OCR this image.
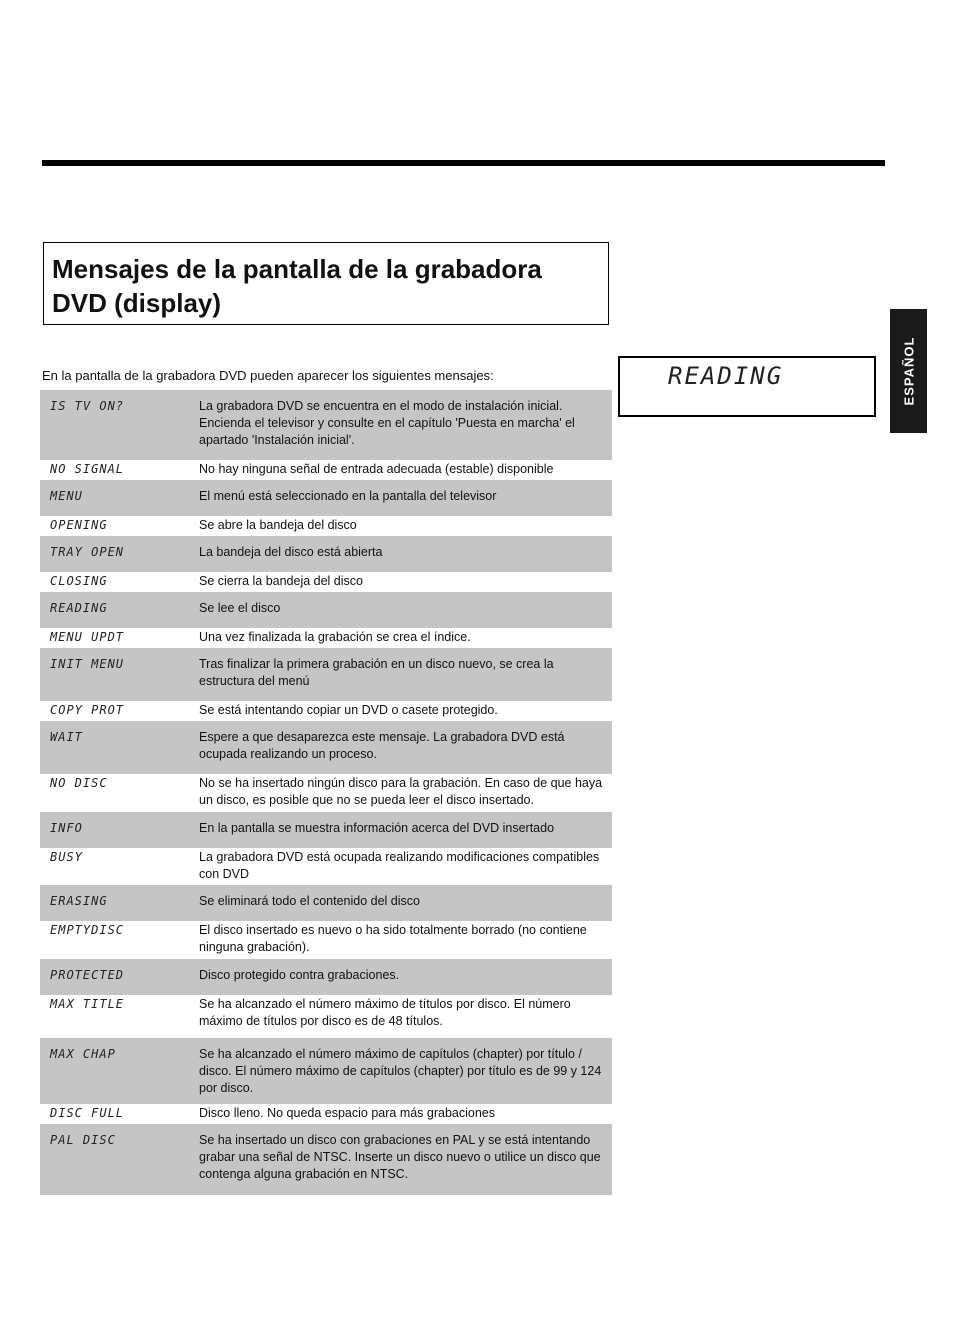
Mensajes de la pantalla de la grabadora DVD (display)
En la pantalla de la grabadora DVD pueden aparecer los siguientes mensajes:	READING	ESPAÑOL
IS TV ON?	La grabadora DVD se encuentra en el modo de instalación inicial. Encienda el televisor y consulte en el capítulo 'Puesta en marcha' el apartado 'Instalación inicial'.
NO SIGNAL	No hay ninguna señal de entrada adecuada (estable) disponible
MENU	El menú está seleccionado en la pantalla del televisor
OPENING	Se abre la bandeja del disco
TRAY OPEN	La bandeja del disco está abierta
CLOSING	Se cierra la bandeja del disco
READING	Se lee el disco
MENU UPDT	Una vez finalizada la grabación se crea el índice.
INIT MENU	Tras finalizar la primera grabación en un disco nuevo, se crea la estructura del menú
COPY PROT	Se está intentando copiar un DVD o casete protegido.
WAIT	Espere a que desaparezca este mensaje. La grabadora DVD está ocupada realizando un proceso.
NO DISC	No se ha insertado ningún disco para la grabación. En caso de que haya un disco, es posible que no se pueda leer el disco insertado.
INFO	En la pantalla se muestra información acerca del DVD insertado
BUSY	La grabadora DVD está ocupada realizando modificaciones compatibles con DVD
ERASING	Se eliminará todo el contenido del disco
EMPTYDISC	El disco insertado es nuevo o ha sido totalmente borrado (no contiene ninguna grabación).
PROTECTED	Disco protegido contra grabaciones.
MAX TITLE	Se ha alcanzado el número máximo de títulos por disco. El número máximo de títulos por disco es de 48 títulos.
MAX CHAP	Se ha alcanzado el número máximo de capítulos (chapter) por título / disco. El número máximo de capítulos (chapter) por título es de 99 y 124 por disco.
DISC FULL	Disco lleno. No queda espacio para más grabaciones
PAL DISC	Se ha insertado un disco con grabaciones en PAL y se está intentando grabar una señal de NTSC. Inserte un disco nuevo o utilice un disco que contenga alguna grabación en NTSC.
